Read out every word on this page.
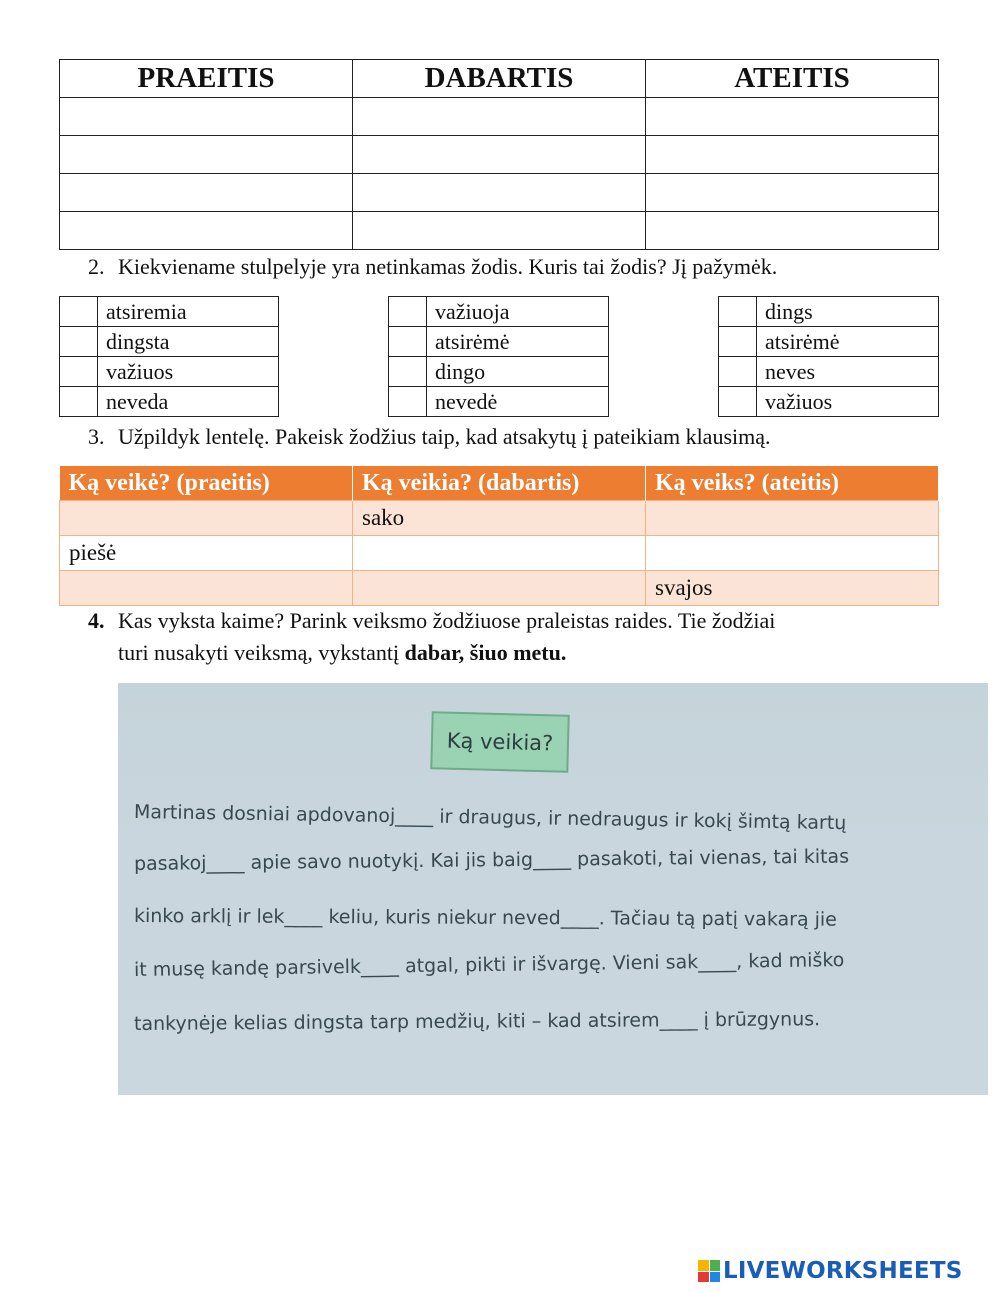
PRAEITIS	DABARTIS	ATEITIS

2. Kiekviename stulpelyje yra netinkamas žodis. Kuris tai žodis? Jį pažymėk.
	atsiremia
	dingsta
	važiuos
	neveda
	važiuoja
	atsirėmė
	dingo
	nevedė
	dings
	atsirėmė
	neves
	važiuos
3. Užpildyk lentelę. Pakeisk žodžius taip, kad atsakytų į pateikiam klausimą.
Ką veikė? (praeitis)	Ką veikia? (dabartis)	Ką veiks? (ateitis)
	sako	
piešė		
		svajos
4. Kas vyksta kaime? Parink veiksmo žodžiuose praleistas raides. Tie žodžiai
turi nusakyti veiksmą, vykstantį dabar, šiuo metu.
Ką veikia?
Martinas dosniai apdovanoj____ ir draugus, ir nedraugus ir kokį šimtą kartų
pasakoj____ apie savo nuotykį. Kai jis baig____ pasakoti, tai vienas, tai kitas
kinko arklį ir lek____ keliu, kuris niekur neved____. Tačiau tą patį vakarą jie
it musę kandę parsivelk____ atgal, pikti ir išvargę. Vieni sak____, kad miško
tankynėje kelias dingsta tarp medžių, kiti – kad atsirem____ į brūzgynus.
LIVEWORKSHEETS
